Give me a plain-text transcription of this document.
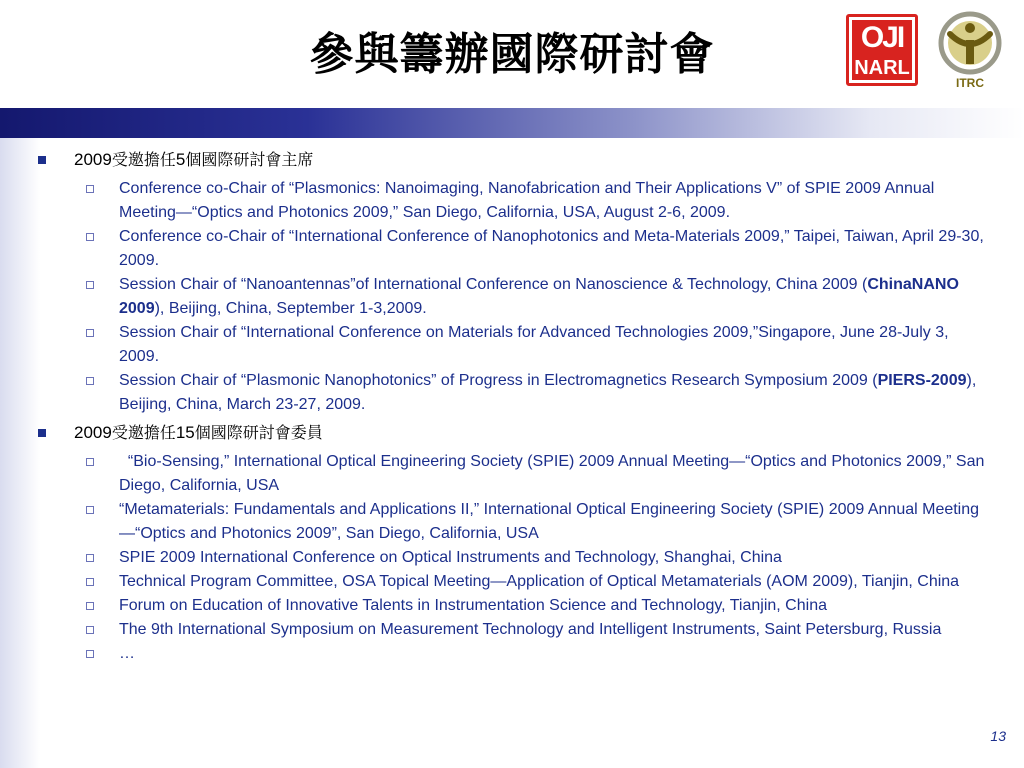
參與籌辦國際研討會	OJI
NARL
ITRC
2009受邀擔任5個國際研討會主席
Conference co-Chair of “Plasmonics: Nanoimaging, Nanofabrication and Their Applications V” of SPIE 2009 Annual Meeting—“Optics and Photonics 2009,” San Diego, California, USA, August 2-6, 2009.
Conference co-Chair of “International Conference of Nanophotonics and Meta-Materials 2009,” Taipei, Taiwan, April 29-30, 2009.
Session Chair of “Nanoantennas”of International Conference on Nanoscience & Technology, China 2009 (ChinaNANO 2009), Beijing, China, September 1-3,2009.
Session Chair of “International Conference on Materials for Advanced Technologies 2009,”Singapore, June 28-July 3, 2009.
Session Chair of “Plasmonic Nanophotonics” of Progress in Electromagnetics Research Symposium 2009 (PIERS-2009), Beijing, China, March 23-27, 2009.
2009受邀擔任15個國際研討會委員
“Bio-Sensing,” International Optical Engineering Society (SPIE) 2009 Annual Meeting—“Optics and Photonics 2009,” San Diego, California, USA
“Metamaterials: Fundamentals and Applications II,” International Optical Engineering Society (SPIE) 2009 Annual Meeting—“Optics and Photonics 2009”, San Diego, California, USA
SPIE 2009 International Conference on Optical Instruments and Technology, Shanghai, China
Technical Program Committee, OSA Topical Meeting—Application of Optical Metamaterials (AOM 2009), Tianjin, China
Forum on Education of Innovative Talents in Instrumentation Science and Technology, Tianjin, China
The 9th International Symposium on Measurement Technology and Intelligent Instruments, Saint Petersburg, Russia
…
13
